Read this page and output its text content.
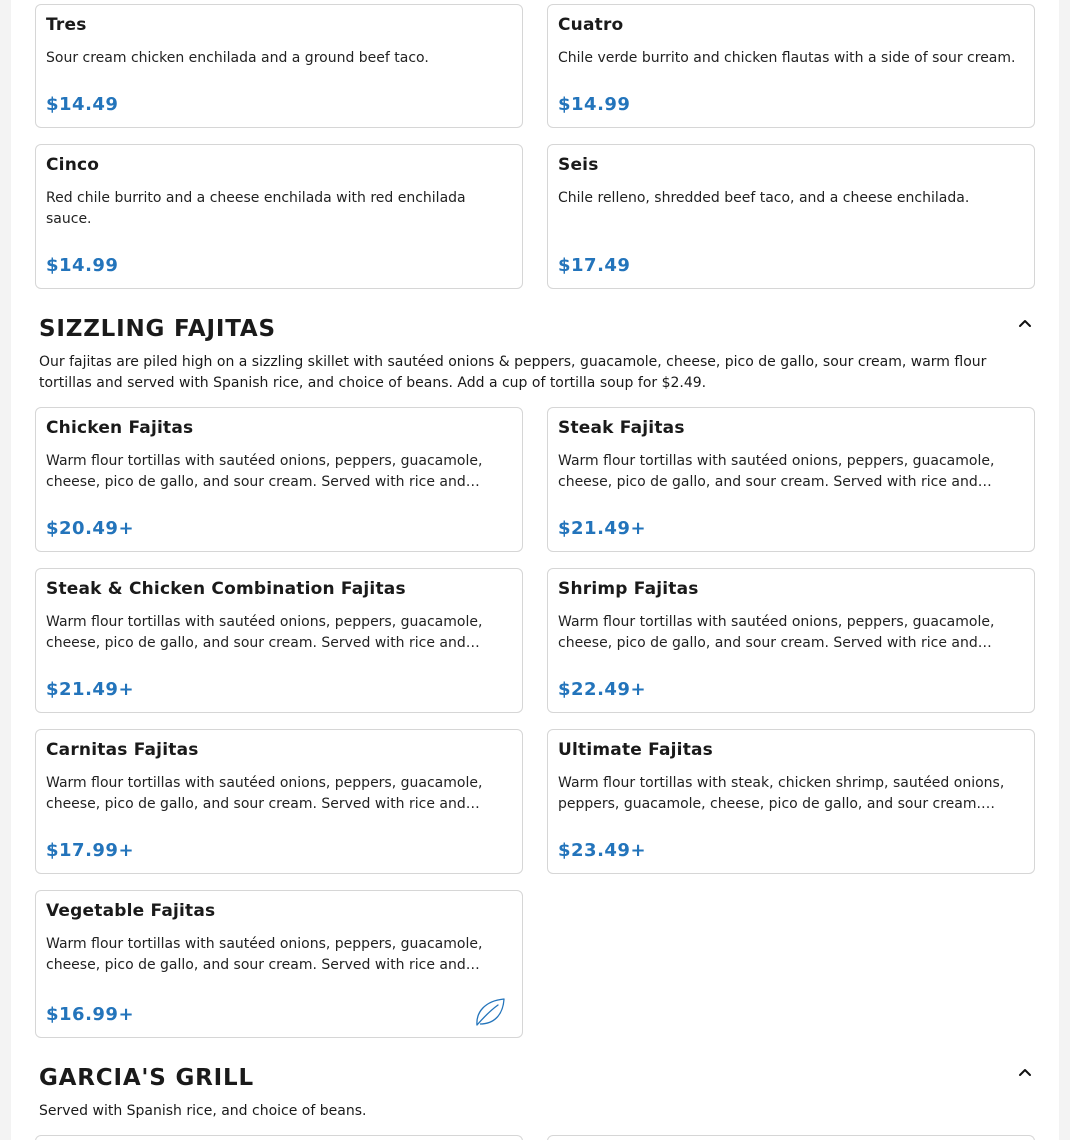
Tres
Sour cream chicken enchilada and a ground beef taco.
$14.49
Cuatro
Chile verde burrito and chicken flautas with a side of sour cream.
$14.99
Cinco
Red chile burrito and a cheese enchilada with red enchilada sauce.
$14.99
Seis
Chile relleno, shredded beef taco, and a cheese enchilada.
$17.49
SIZZLING FAJITAS
Our fajitas are piled high on a sizzling skillet with sautéed onions & peppers, guacamole, cheese, pico de gallo, sour cream, warm flour tortillas and served with Spanish rice, and choice of beans. Add a cup of tortilla soup for $2.49.
Chicken Fajitas
Warm flour tortillas with sautéed onions, peppers, guacamole, cheese, pico de gallo, and sour cream. Served with rice and…
$20.49+
Steak Fajitas
Warm flour tortillas with sautéed onions, peppers, guacamole, cheese, pico de gallo, and sour cream. Served with rice and…
$21.49+
Steak & Chicken Combination Fajitas
Warm flour tortillas with sautéed onions, peppers, guacamole, cheese, pico de gallo, and sour cream. Served with rice and…
$21.49+
Shrimp Fajitas
Warm flour tortillas with sautéed onions, peppers, guacamole, cheese, pico de gallo, and sour cream. Served with rice and…
$22.49+
Carnitas Fajitas
Warm flour tortillas with sautéed onions, peppers, guacamole, cheese, pico de gallo, and sour cream. Served with rice and…
$17.99+
Ultimate Fajitas
Warm flour tortillas with steak, chicken shrimp, sautéed onions, peppers, guacamole, cheese, pico de gallo, and sour cream.…
$23.49+
Vegetable Fajitas
Warm flour tortillas with sautéed onions, peppers, guacamole, cheese, pico de gallo, and sour cream. Served with rice and…
$16.99+
GARCIA'S GRILL
Served with Spanish rice, and choice of beans.
